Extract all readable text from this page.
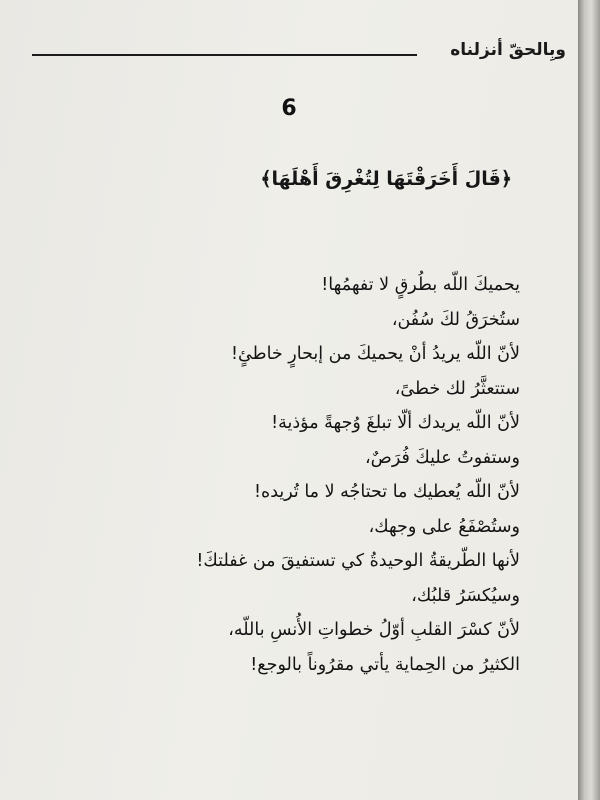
وبِالحقّ أنزلناه
6
﴿قَالَ أَخَرَقْتَهَا لِتُغْرِقَ أَهْلَهَا﴾
يحميكَ اللّه بطُرقٍ لا تفهمُها!
ستُخرَقُ لكَ سُفُن،
لأنّ اللّه يريدُ أنْ يحميكَ من إبحارٍ خاطئٍ!
ستتعثَّرُ لك خطىً،
لأنّ اللّه يريدك ألّا تبلغَ وُجهةً مؤذية!
وستفوتُ عليكَ فُرَصٌ،
لأنّ اللّه يُعطيك ما تحتاجُه لا ما تُريده!
وستُصْفَعُ على وجهك،
لأنها الطّريقةُ الوحيدةُ كي تستفيقَ من غفلتكَ!
وسيُكسَرُ قلبُك،
لأنّ كسْرَ القلبِ أوّلُ خطواتِ الأُنسِ باللّه،
الكثيرُ من الحِماية يأتي مقرُوناً بالوجع!
